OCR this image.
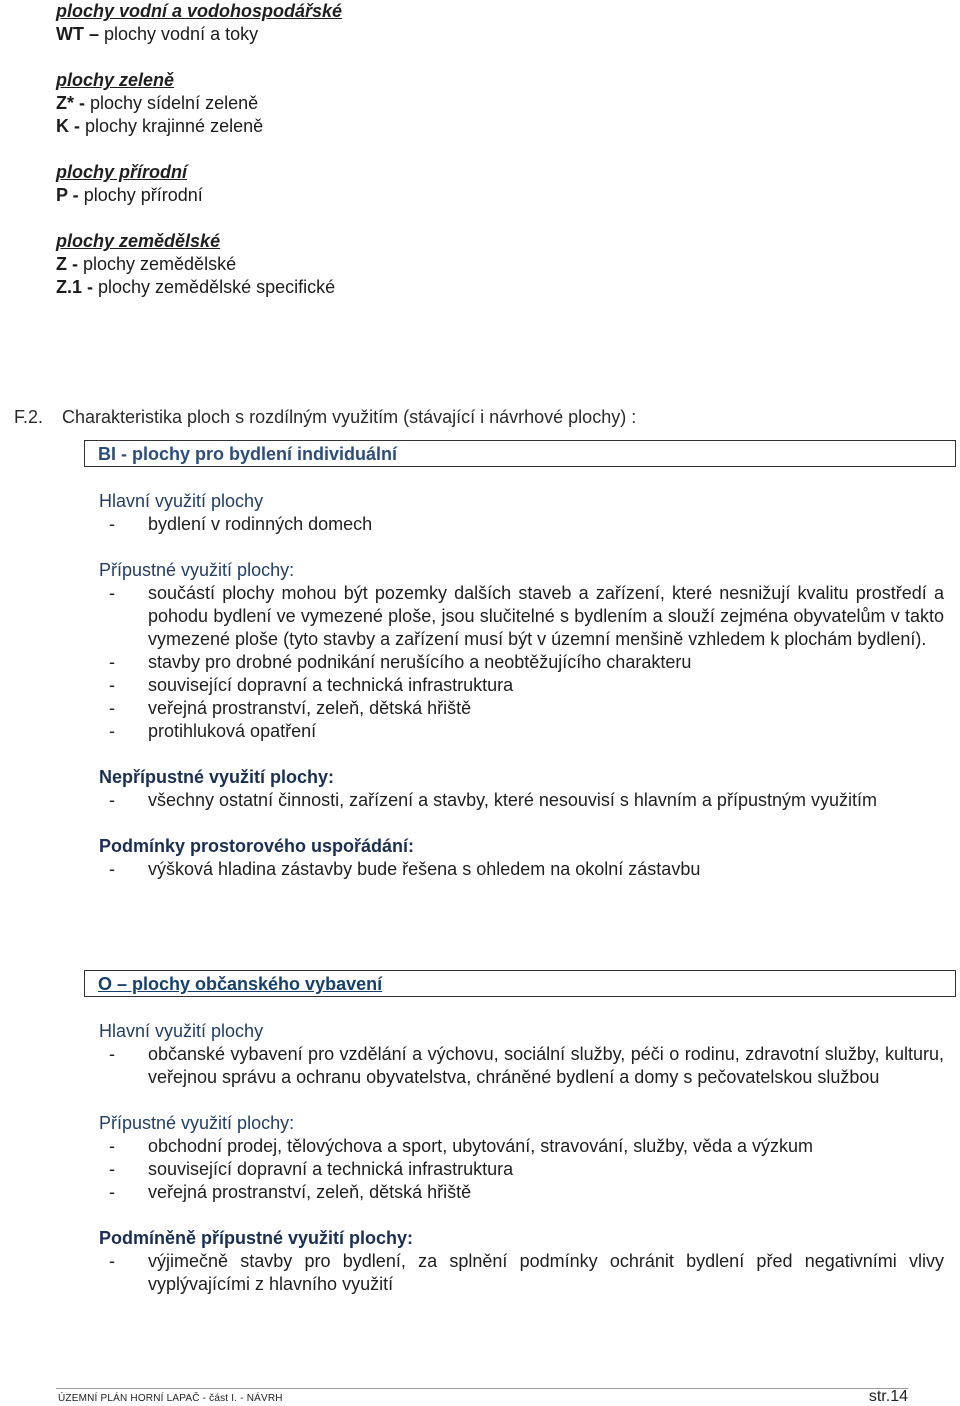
plochy vodní a vodohospodářské

WT – plochy vodní a toky

plochy zeleně

Z* - plochy sídelní zeleně

K - plochy krajinné zeleně

plochy přírodní

P - plochy přírodní

plochy zemědělské

Z - plochy zemědělské

Z.1 - plochy zemědělské specifické

F.2. Charakteristika ploch s rozdílným využitím (stávající i návrhové plochy) :
BI - plochy pro bydlení individuální

Hlavní využití plochy

- bydlení v rodinných domech

Přípustné využití plochy:

- součástí plochy mohou být pozemky dalších staveb a zařízení, které nesnižují kvalitu prostředí a pohodu bydlení ve vymezené ploše, jsou slučitelné s bydlením a slouží zejména obyvatelům v takto vymezené ploše (tyto stavby a zařízení musí být v územní menšině vzhledem k plochám bydlení).
- stavby pro drobné podnikání nerušícího a neobtěžujícího charakteru
- související dopravní a technická infrastruktura
- veřejná prostranství, zeleň, dětská hřiště
- protihluková opatření

Nepřípustné využití plochy:

- všechny ostatní činnosti, zařízení a stavby, které nesouvisí s hlavním a přípustným využitím

Podmínky prostorového uspořádání:

- výšková hladina zástavby bude řešena s ohledem na okolní zástavbu
O – plochy občanského vybavení

Hlavní využití plochy

- občanské vybavení pro vzdělání a výchovu, sociální služby, péči o rodinu, zdravotní služby, kulturu, veřejnou správu a ochranu obyvatelstva, chráněné bydlení a domy s pečovatelskou službou

Přípustné využití plochy:

- obchodní prodej, tělovýchova a sport, ubytování, stravování, služby, věda a výzkum
- související dopravní a technická infrastruktura
- veřejná prostranství, zeleň, dětská hřiště

Podmíněně přípustné využití plochy:

- výjimečně stavby pro bydlení, za splnění podmínky ochránit bydlení před negativními vlivy vyplývajícími z hlavního využití
ÚZEMNÍ PLÁN HORNÍ LAPAČ - část I. - NÁVRH	str.14
